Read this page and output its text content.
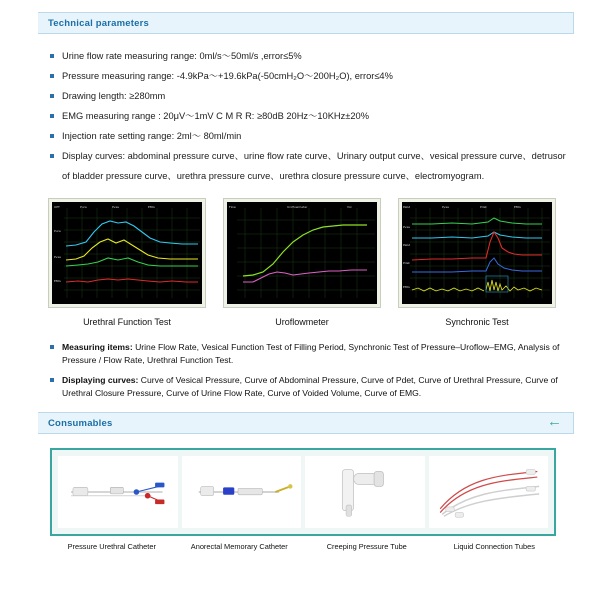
Technical parameters
Urine flow rate measuring range: 0ml/s～50ml/s ,error≤5%
Pressure measuring range: -4.9kPa～+19.6kPa(-50cmH₂O～200H₂O), error≤4%
Drawing length: ≥280mm
EMG measuring range : 20μV～1mV C M R R: ≥80dB 20Hz～10KHz±20%
Injection rate setting range: 2ml～ 80ml/min
Display curves: abdominal pressure curve、urine flow rate curve、Urinary output curve、vesical pressure curve、detrusor of bladder pressure curve、urethra pressure curve、urethra closure pressure curve、electromyogram.
UPT	Pura	Pves	EMG
Pura
Pves
EMG
Urethral Function Test
Flow	Uroflowmeter	Vol
Uroflowmeter
Pabd	Pves	Pdet	EMG
Pves
Pabd
Pdet
EMG
Synchronic Test
Measuring items: Urine Flow Rate, Vesical Function Test of Filling Period, Synchronic Test of Pressure–Uroflow–EMG, Analysis of Pressure / Flow Rate, Urethral Function Test.
Displaying curves: Curve of Vesical Pressure, Curve of Abdominal Pressure, Curve of Pdet, Curve of Urethral Pressure, Curve of Urethral Closure Pressure, Curve of Urine Flow Rate, Curve of Voided Volume, Curve of EMG.
Consumables	←
Pressure Urethral Catheter	Anorectal Memorary Catheter	Creeping Pressure Tube	Liquid Connection Tubes
